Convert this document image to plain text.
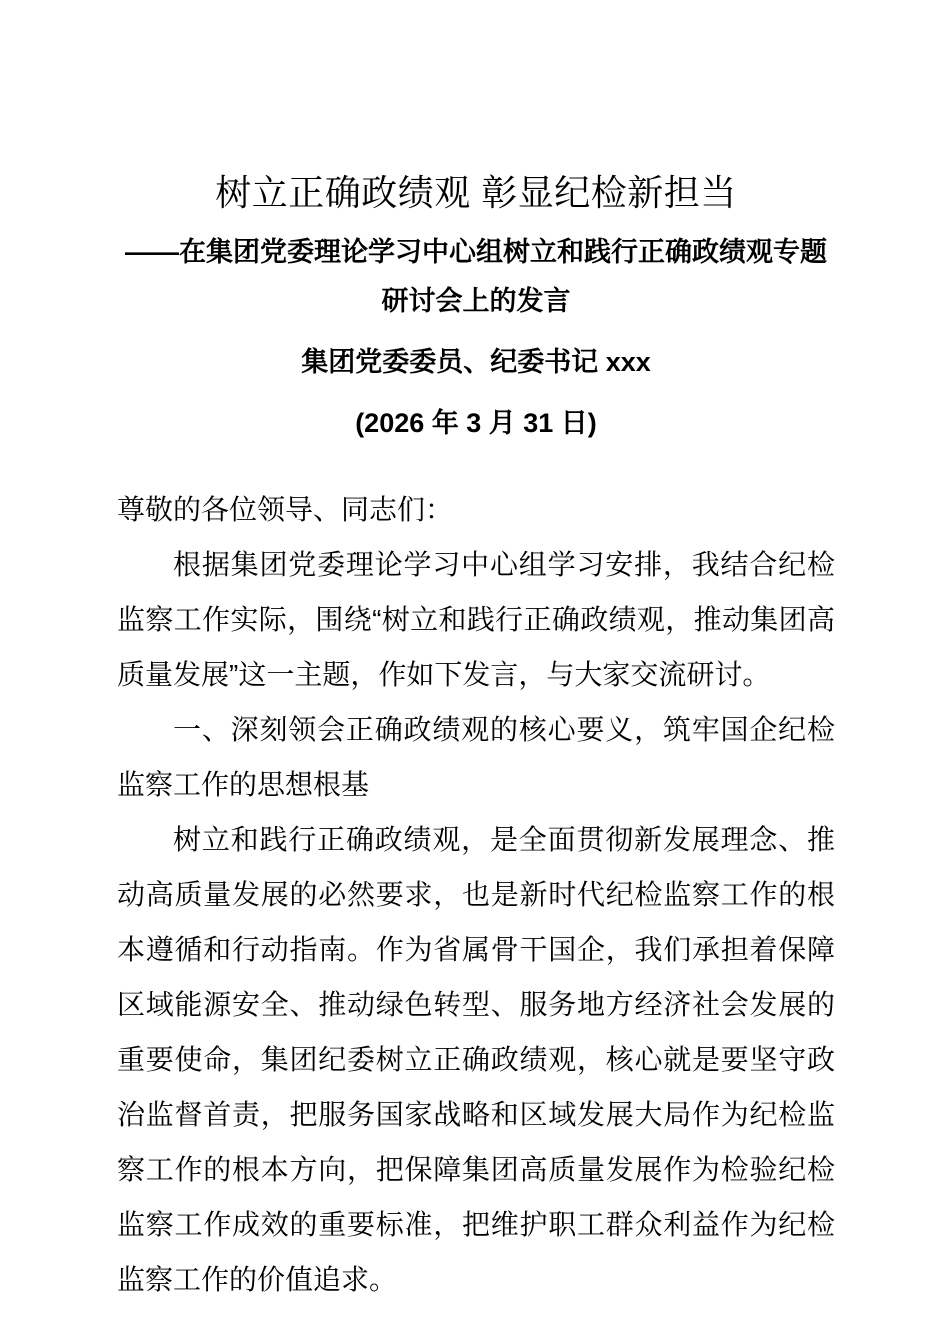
树立正确政绩观 彰显纪检新担当
——在集团党委理论学习中心组树立和践行正确政绩观专题研讨会上的发言

集团党委委员、纪委书记 xxx

(2026 年 3 月 31 日)

尊敬的各位领导、同志们：

根据集团党委理论学习中心组学习安排，我结合纪检监察工作实际，围绕“树立和践行正确政绩观，推动集团高质量发展”这一主题，作如下发言，与大家交流研讨。

一、深刻领会正确政绩观的核心要义，筑牢国企纪检监察工作的思想根基

树立和践行正确政绩观，是全面贯彻新发展理念、推动高质量发展的必然要求，也是新时代纪检监察工作的根本遵循和行动指南。作为省属骨干国企，我们承担着保障区域能源安全、推动绿色转型、服务地方经济社会发展的重要使命，集团纪委树立正确政绩观，核心就是要坚守政治监督首责，把服务国家战略和区域发展大局作为纪检监察工作的根本方向，把保障集团高质量发展作为检验纪检监察工作成效的重要标准，把维护职工群众利益作为纪检监察工作的价值追求。
